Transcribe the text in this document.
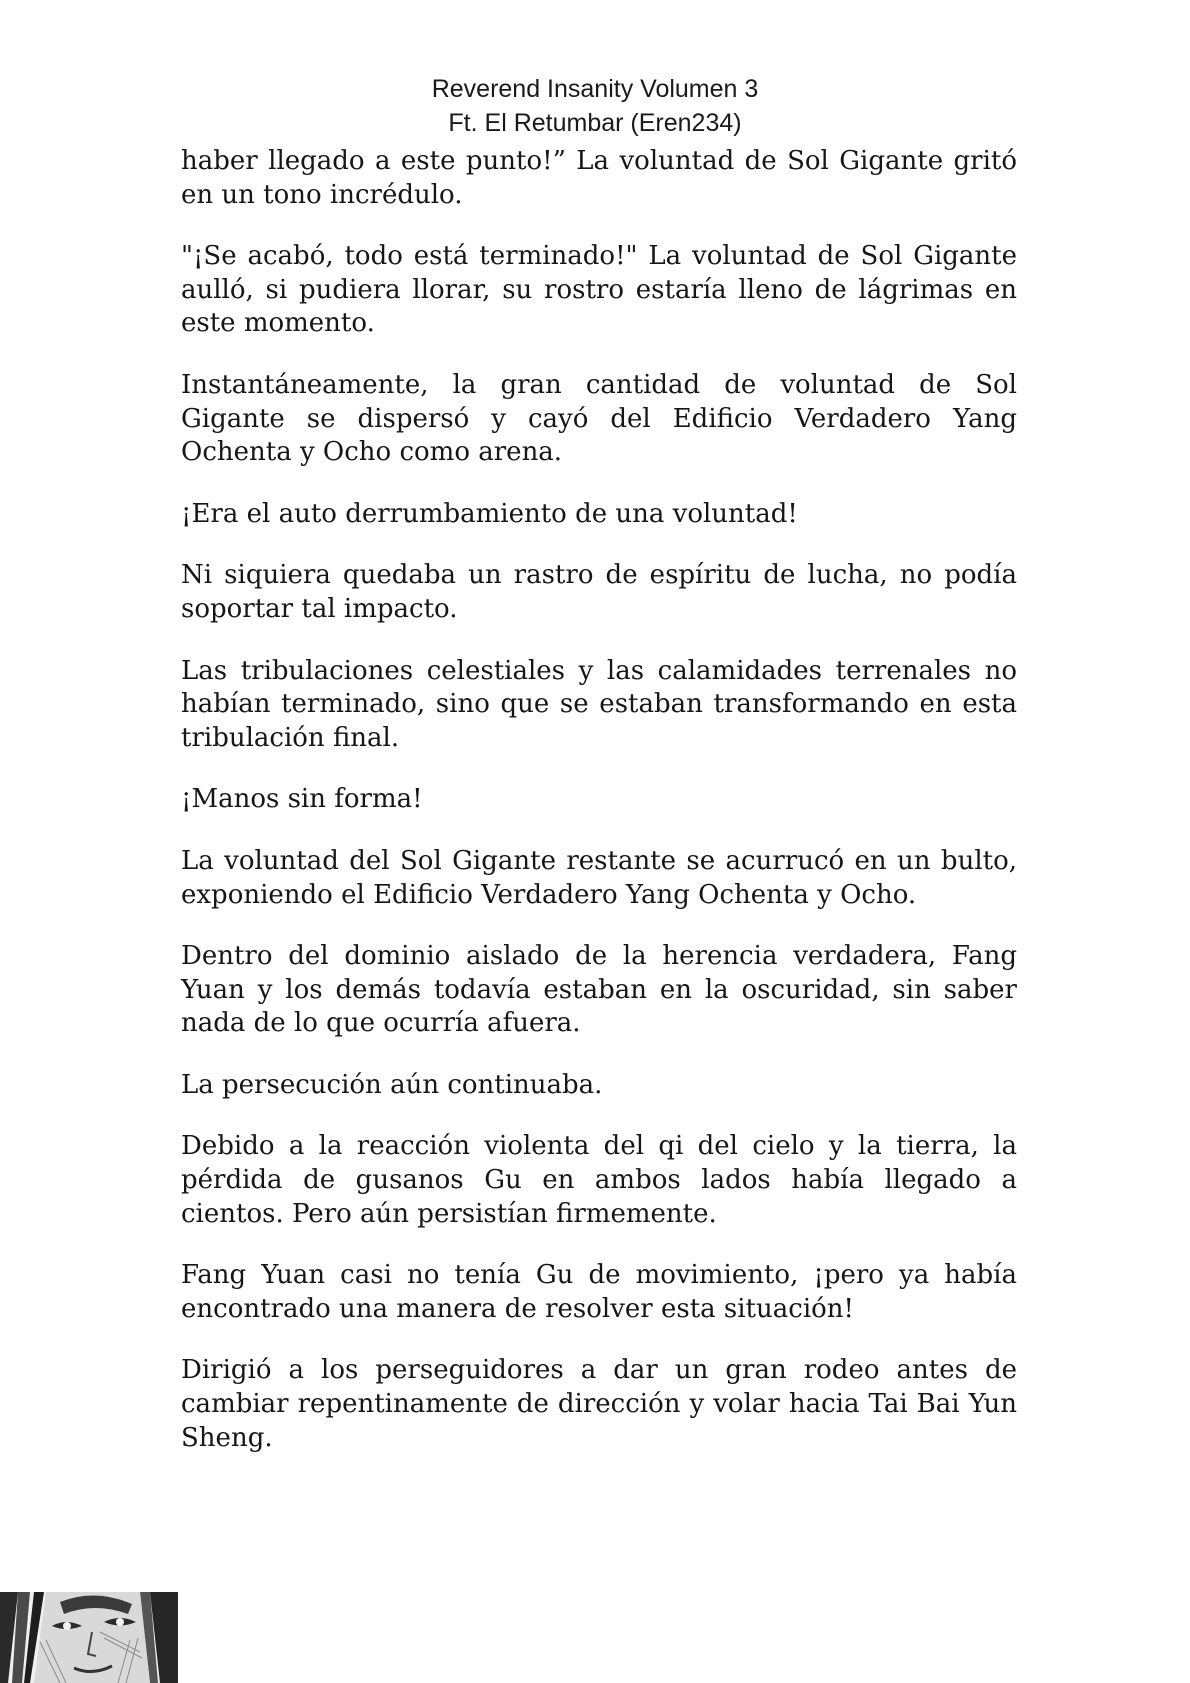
Reverend Insanity Volumen 3
Ft. El Retumbar (Eren234)

haber llegado a este punto!” La voluntad de Sol Gigante gritó en un tono incrédulo.

"¡Se acabó, todo está terminado!" La voluntad de Sol Gigante aulló, si pudiera llorar, su rostro estaría lleno de lágrimas en este momento.

Instantáneamente, la gran cantidad de voluntad de Sol Gigante se dispersó y cayó del Edificio Verdadero Yang Ochenta y Ocho como arena.

¡Era el auto derrumbamiento de una voluntad!

Ni siquiera quedaba un rastro de espíritu de lucha, no podía soportar tal impacto.

Las tribulaciones celestiales y las calamidades terrenales no habían terminado, sino que se estaban transformando en esta tribulación final.

¡Manos sin forma!

La voluntad del Sol Gigante restante se acurrucó en un bulto, exponiendo el Edificio Verdadero Yang Ochenta y Ocho.

Dentro del dominio aislado de la herencia verdadera, Fang Yuan y los demás todavía estaban en la oscuridad, sin saber nada de lo que ocurría afuera.

La persecución aún continuaba.

Debido a la reacción violenta del qi del cielo y la tierra, la pérdida de gusanos Gu en ambos lados había llegado a cientos. Pero aún persistían firmemente.

Fang Yuan casi no tenía Gu de movimiento, ¡pero ya había encontrado una manera de resolver esta situación!

Dirigió a los perseguidores a dar un gran rodeo antes de cambiar repentinamente de dirección y volar hacia Tai Bai Yun Sheng.
